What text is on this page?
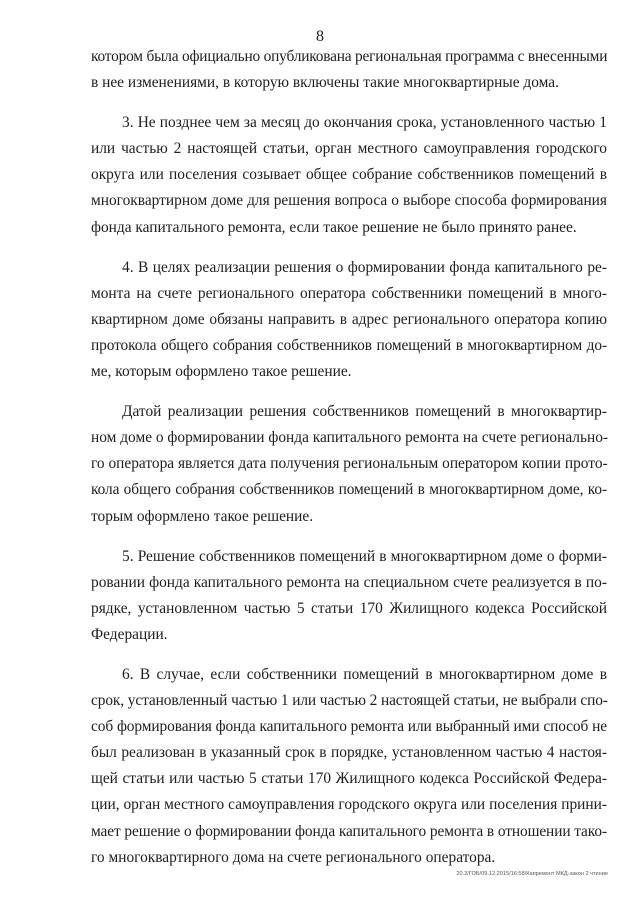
8
котором была официально опубликована региональная программа с внесенными
в нее изменениями, в которую включены такие многоквартирные дома.
3. Не позднее чем за месяц до окончания срока, установленного частью 1
или частью 2 настоящей статьи, орган местного самоуправления городского
округа или поселения созывает общее собрание собственников помещений в
многоквартирном доме для решения вопроса о выборе способа формирования
фонда капитального ремонта, если такое решение не было принято ранее.
4. В целях реализации решения о формировании фонда капитального ре-
монта на счете регионального оператора собственники помещений в много-
квартирном доме обязаны направить в адрес регионального оператора копию
протокола общего собрания собственников помещений в многоквартирном до-
ме, которым оформлено такое решение.
Датой реализации решения собственников помещений в многоквартир-
ном доме о формировании фонда капитального ремонта на счете регионально-
го оператора является дата получения региональным оператором копии прото-
кола общего собрания собственников помещений в многоквартирном доме, ко-
торым оформлено такое решение.
5. Решение собственников помещений в многоквартирном доме о форми-
ровании фонда капитального ремонта на специальном счете реализуется в по-
рядке, установленном частью 5 статьи 170 Жилищного кодекса Российской
Федерации.
6. В случае, если собственники помещений в многоквартирном доме в
срок, установленный частью 1 или частью 2 настоящей статьи, не выбрали спо-
соб формирования фонда капитального ремонта или выбранный ими способ не
был реализован в указанный срок в порядке, установленном частью 4 настоя-
щей статьи или частью 5 статьи 170 Жилищного кодекса Российской Федера-
ции, орган местного самоуправления городского округа или поселения прини-
мает решение о формировании фонда капитального ремонта в отношении тако-
го многоквартирного дома на счете регионального оператора.
20.3/ГОБ/09.12.2015/16:58/Капремонт МКД-закон 2 чтение
